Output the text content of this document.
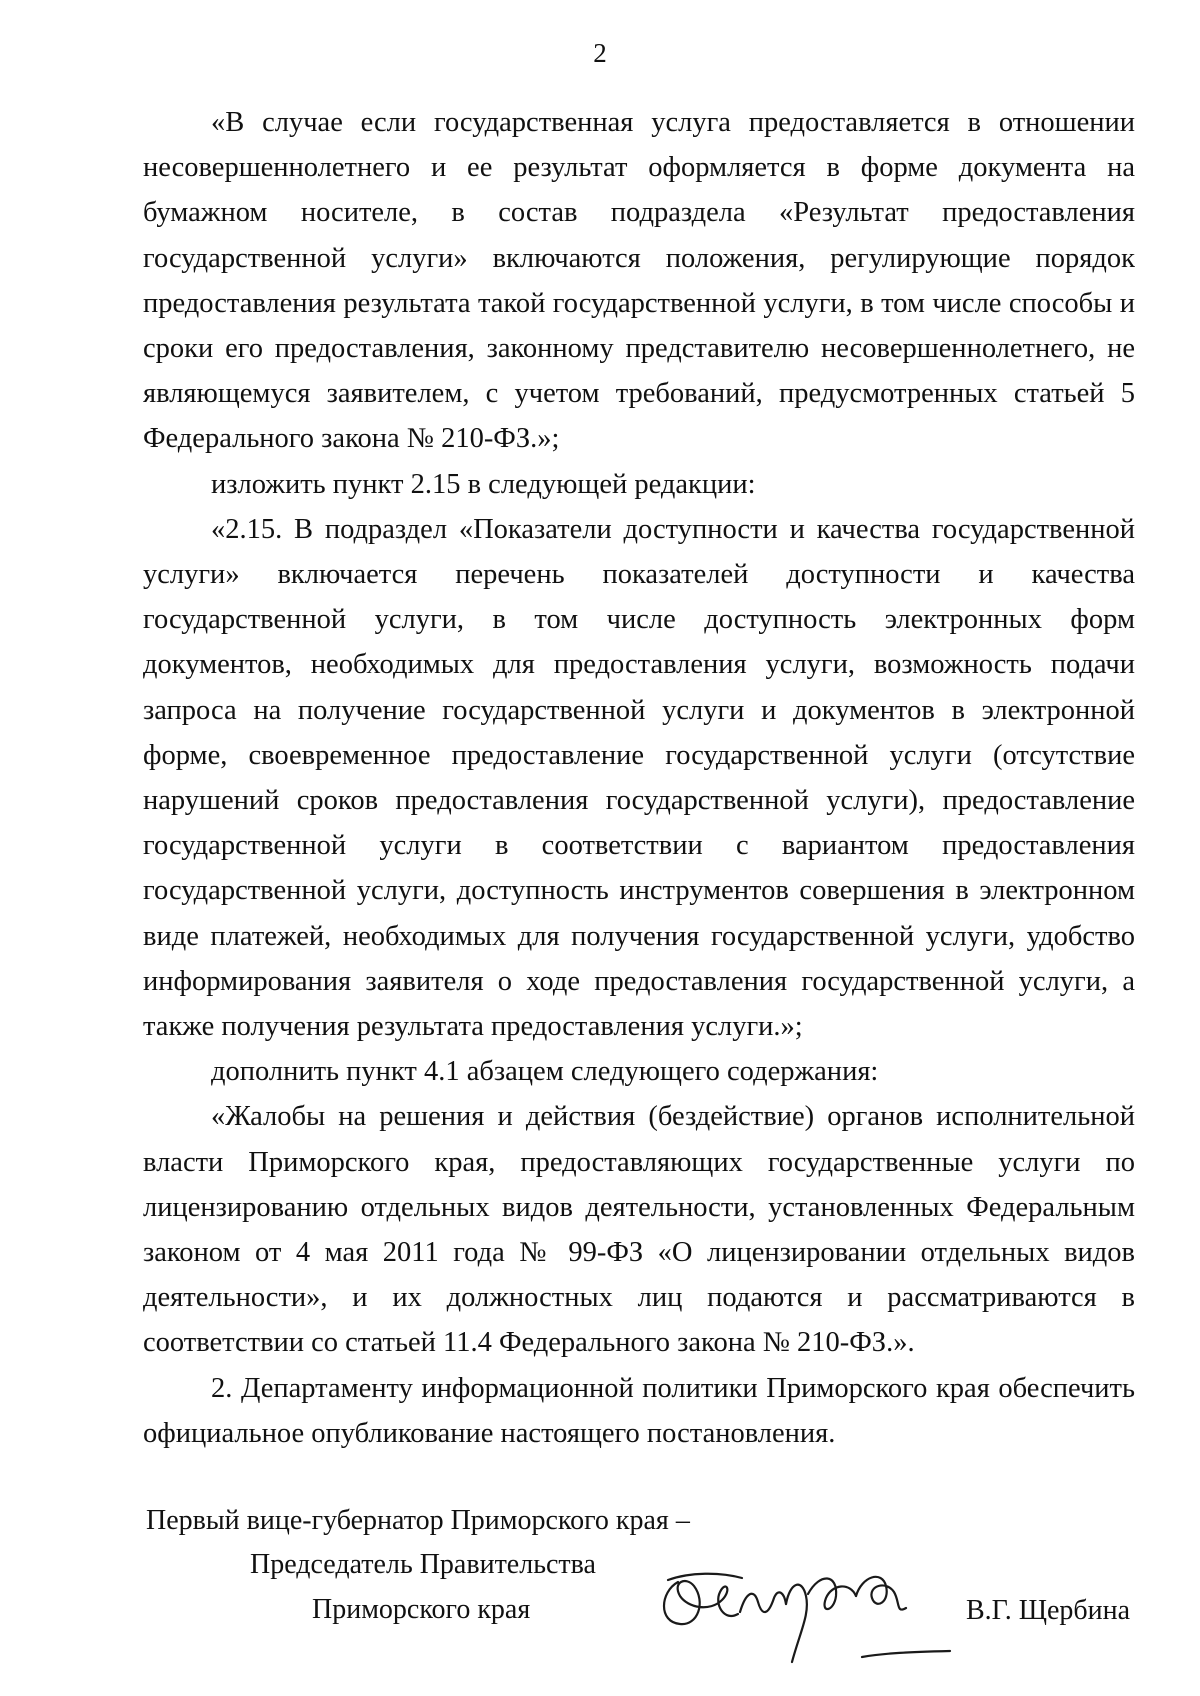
2

«В случае если государственная услуга предоставляется в отношении несовершеннолетнего и ее результат оформляется в форме документа на бумажном носителе, в состав подраздела «Результат предоставления государственной услуги» включаются положения, регулирующие порядок предоставления результата такой государственной услуги, в том числе способы и сроки его предоставления, законному представителю несовершеннолетнего, не являющемуся заявителем, с учетом требований, предусмотренных статьей 5 Федерального закона № 210-ФЗ.»;

изложить пункт 2.15 в следующей редакции:

«2.15. В подраздел «Показатели доступности и качества государственной услуги» включается перечень показателей доступности и качества государственной услуги, в том числе доступность электронных форм документов, необходимых для предоставления услуги, возможность подачи запроса на получение государственной услуги и документов в электронной форме, своевременное предоставление государственной услуги (отсутствие нарушений сроков предоставления государственной услуги), предоставление государственной услуги в соответствии с вариантом предоставления государственной услуги, доступность инструментов совершения в электронном виде платежей, необходимых для получения государственной услуги, удобство информирования заявителя о ходе предоставления государственной услуги, а также получения результата предоставления услуги.»;

дополнить пункт 4.1 абзацем следующего содержания:

«Жалобы на решения и действия (бездействие) органов исполнительной власти Приморского края, предоставляющих государственные услуги по лицензированию отдельных видов деятельности, установленных Федеральным законом от 4 мая 2011 года № 99-ФЗ «О лицензировании отдельных видов деятельности», и их должностных лиц подаются и рассматриваются в соответствии со статьей 11.4 Федерального закона № 210-ФЗ.».

2. Департаменту информационной политики Приморского края обеспечить официальное опубликование настоящего постановления.

Первый вице-губернатор Приморского края –
Председатель Правительства
Приморского края	В.Г. Щербина
